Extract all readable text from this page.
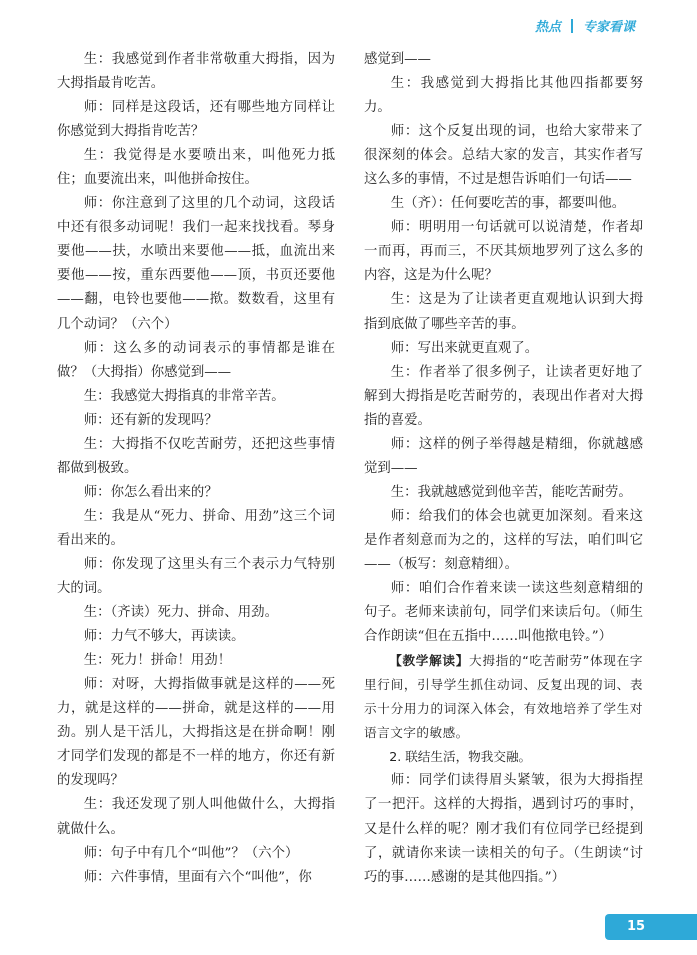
热点 专家看课

生：我感觉到作者非常敬重大拇指，因为大拇指最肯吃苦。

师：同样是这段话，还有哪些地方同样让你感觉到大拇指肯吃苦？

生：我觉得是水要喷出来，叫他死力抵住；血要流出来，叫他拼命按住。

师：你注意到了这里的几个动词，这段话中还有很多动词呢！我们一起来找找看。琴身要他——扶，水喷出来要他——抵，血流出来要他——按，重东西要他——顶，书页还要他——翻，电铃也要他——揿。数数看，这里有几个动词？（六个）

师：这么多的动词表示的事情都是谁在做？（大拇指）你感觉到——

生：我感觉大拇指真的非常辛苦。

师：还有新的发现吗？

生：大拇指不仅吃苦耐劳，还把这些事情都做到极致。

师：你怎么看出来的？

生：我是从“死力、拼命、用劲”这三个词看出来的。

师：你发现了这里头有三个表示力气特别大的词。

生：（齐读）死力、拼命、用劲。

师：力气不够大，再读读。

生：死力！拼命！用劲！

师：对呀，大拇指做事就是这样的——死力，就是这样的——拼命，就是这样的——用劲。别人是干活儿，大拇指这是在拼命啊！刚才同学们发现的都是不一样的地方，你还有新的发现吗？

生：我还发现了别人叫他做什么，大拇指就做什么。

师：句子中有几个“叫他”？（六个）

师：六件事情，里面有六个“叫他”，你

感觉到——

生：我感觉到大拇指比其他四指都要努力。

师：这个反复出现的词，也给大家带来了很深刻的体会。总结大家的发言，其实作者写这么多的事情，不过是想告诉咱们一句话——

生（齐）：任何要吃苦的事，都要叫他。

师：明明用一句话就可以说清楚，作者却一而再，再而三，不厌其烦地罗列了这么多的内容，这是为什么呢？

生：这是为了让读者更直观地认识到大拇指到底做了哪些辛苦的事。

师：写出来就更直观了。

生：作者举了很多例子，让读者更好地了解到大拇指是吃苦耐劳的，表现出作者对大拇指的喜爱。

师：这样的例子举得越是精细，你就越感觉到——

生：我就越感觉到他辛苦，能吃苦耐劳。

师：给我们的体会也就更加深刻。看来这是作者刻意而为之的，这样的写法，咱们叫它——（板写：刻意精细）。

师：咱们合作着来读一读这些刻意精细的句子。老师来读前句，同学们来读后句。（师生合作朗读“但在五指中……叫他揿电铃。”）

【教学解读】大拇指的“吃苦耐劳”体现在字里行间，引导学生抓住动词、反复出现的词、表示十分用力的词深入体会，有效地培养了学生对语言文字的敏感。

2. 联结生活，物我交融。

师：同学们读得眉头紧皱，很为大拇指捏了一把汗。这样的大拇指，遇到讨巧的事时，又是什么样的呢？刚才我们有位同学已经提到了，就请你来读一读相关的句子。（生朗读“讨巧的事……感谢的是其他四指。”）

15
